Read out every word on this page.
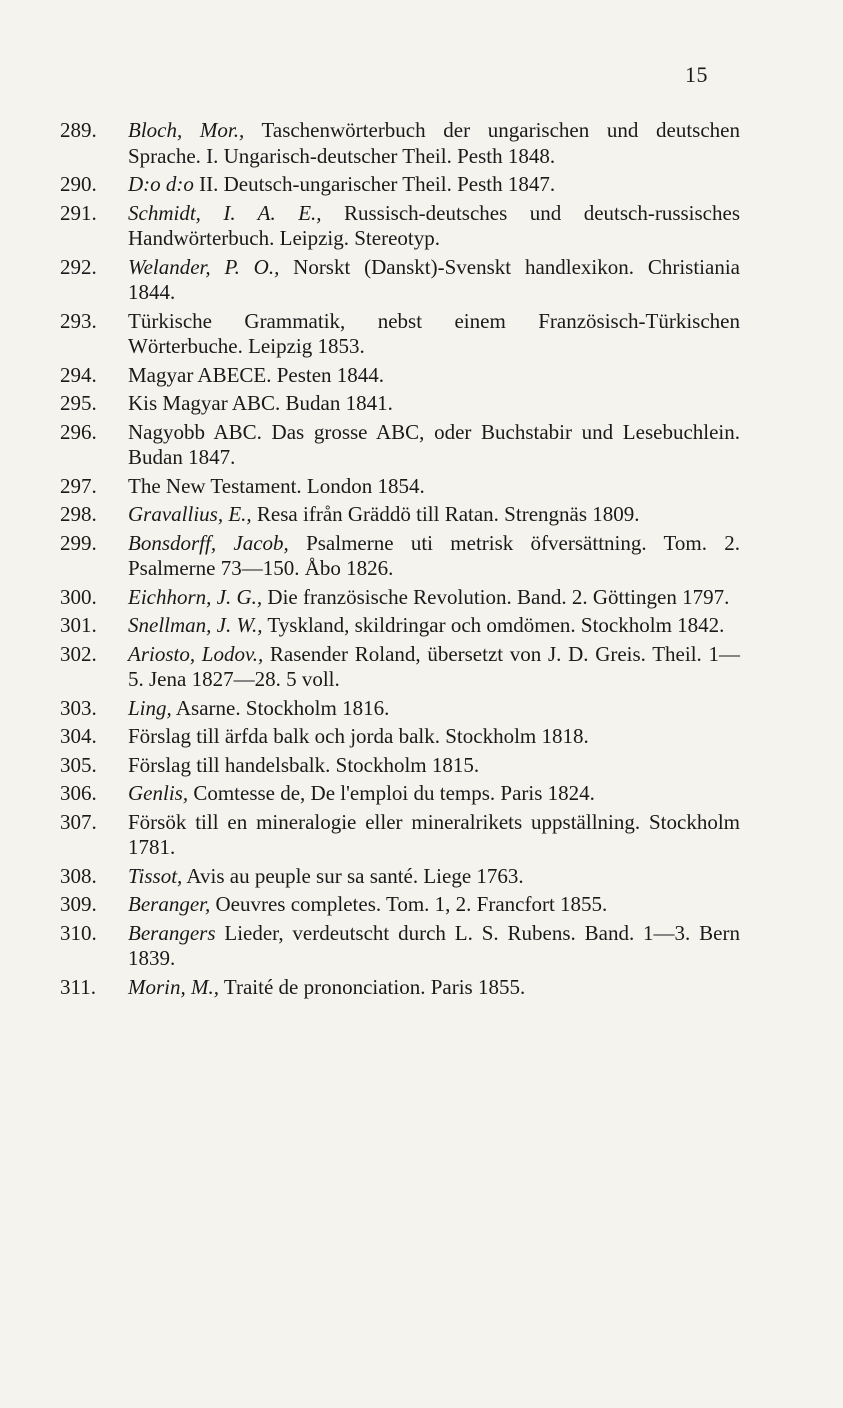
15
289.	Bloch, Mor., Taschenwörterbuch der ungarischen und deutschen Sprache. I. Ungarisch-deutscher Theil. Pesth 1848.
290.	D:o d:o II. Deutsch-ungarischer Theil. Pesth 1847.
291.	Schmidt, I. A. E., Russisch-deutsches und deutsch-russisches Handwörterbuch. Leipzig. Stereotyp.
292.	Welander, P. O., Norskt (Danskt)-Svenskt handlexikon. Christiania 1844.
293.	Türkische Grammatik, nebst einem Französisch-Türkischen Wörterbuche. Leipzig 1853.
294.	Magyar ABECE. Pesten 1844.
295.	Kis Magyar ABC. Budan 1841.
296.	Nagyobb ABC. Das grosse ABC, oder Buchstabir und Lesebuchlein. Budan 1847.
297.	The New Testament. London 1854.
298.	Gravallius, E., Resa ifrån Gräddö till Ratan. Strengnäs 1809.
299.	Bonsdorff, Jacob, Psalmerne uti metrisk öfversättning. Tom. 2. Psalmerne 73—150. Åbo 1826.
300.	Eichhorn, J. G., Die französische Revolution. Band. 2. Göttingen 1797.
301.	Snellman, J. W., Tyskland, skildringar och omdömen. Stockholm 1842.
302.	Ariosto, Lodov., Rasender Roland, übersetzt von J. D. Greis. Theil. 1—5. Jena 1827—28. 5 voll.
303.	Ling, Asarne. Stockholm 1816.
304.	Förslag till ärfda balk och jorda balk. Stockholm 1818.
305.	Förslag till handelsbalk. Stockholm 1815.
306.	Genlis, Comtesse de, De l'emploi du temps. Paris 1824.
307.	Försök till en mineralogie eller mineralrikets uppställning. Stockholm 1781.
308.	Tissot, Avis au peuple sur sa santé. Liege 1763.
309.	Beranger, Oeuvres completes. Tom. 1, 2. Francfort 1855.
310.	Berangers Lieder, verdeutscht durch L. S. Rubens. Band. 1—3. Bern 1839.
311.	Morin, M., Traité de prononciation. Paris 1855.
